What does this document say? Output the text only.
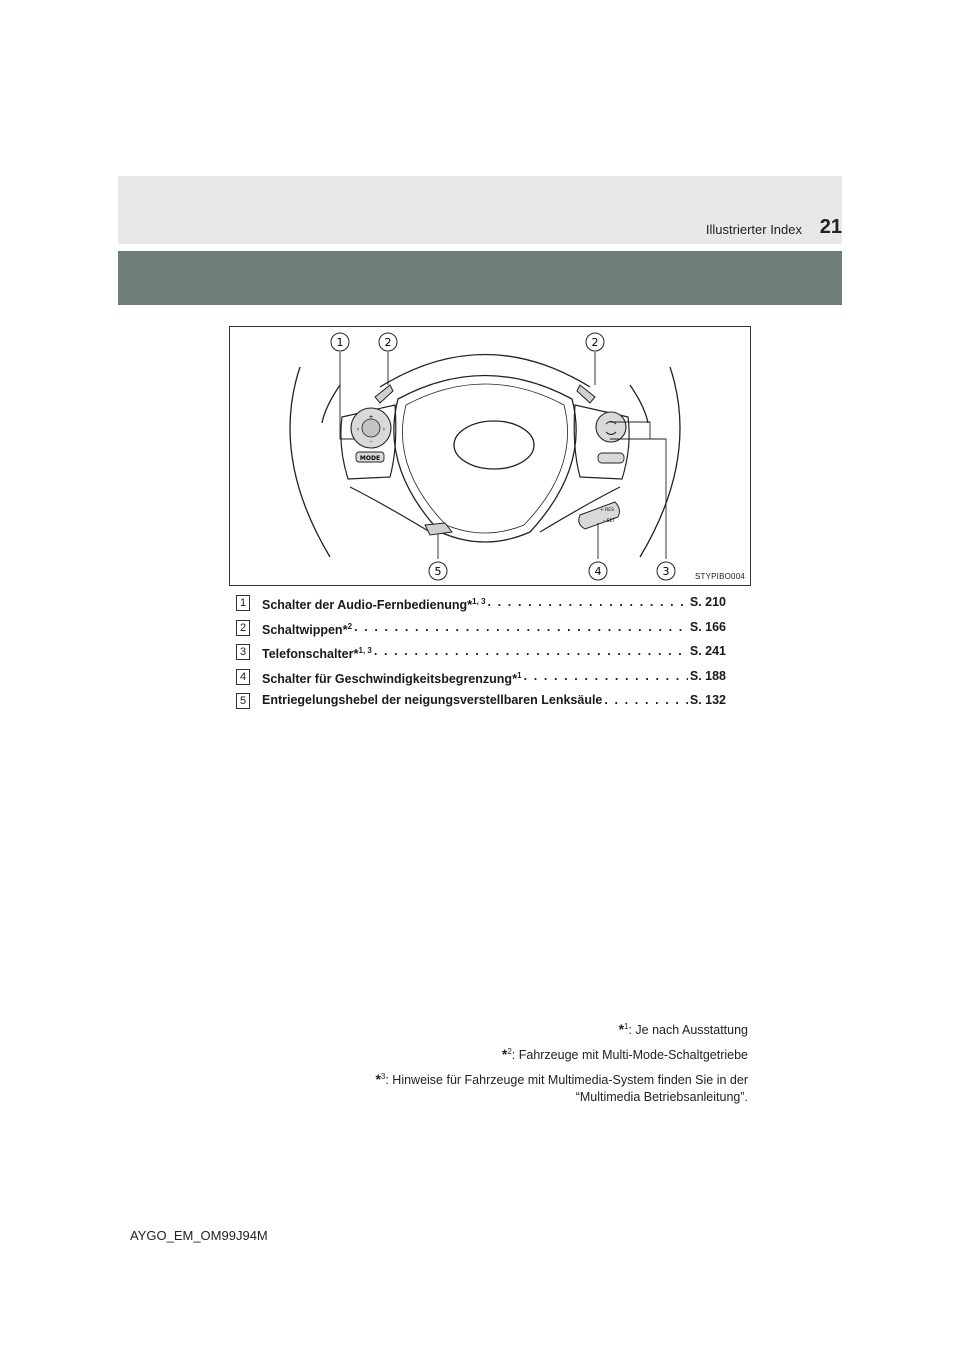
Illustrierter Index 21
+
–
‹	›
MODE
+ RES
– SET
1	2	2
5	4	3	STYPIBO004
1	Schalter der Audio-Fernbedienung*$^{1, 3}$ . . .	S. 210
2	Schaltwippen*$^2$ . . .	S. 166
3	Telefonschalter*$^{1, 3}$ . . .	S. 241
4	Schalter für Geschwindigkeitsbegrenzung*$^1$ . . .	S. 188
5	Entriegelungshebel der neigungsverstellbaren Lenksäule . . .	S. 132
*$^1$: Je nach Ausstattung
*$^2$: Fahrzeuge mit Multi-Mode-Schaltgetriebe
*$^3$: Hinweise für Fahrzeuge mit Multimedia-System finden Sie in der
“Multimedia Betriebsanleitung”.
AYGO_EM_OM99J94M
